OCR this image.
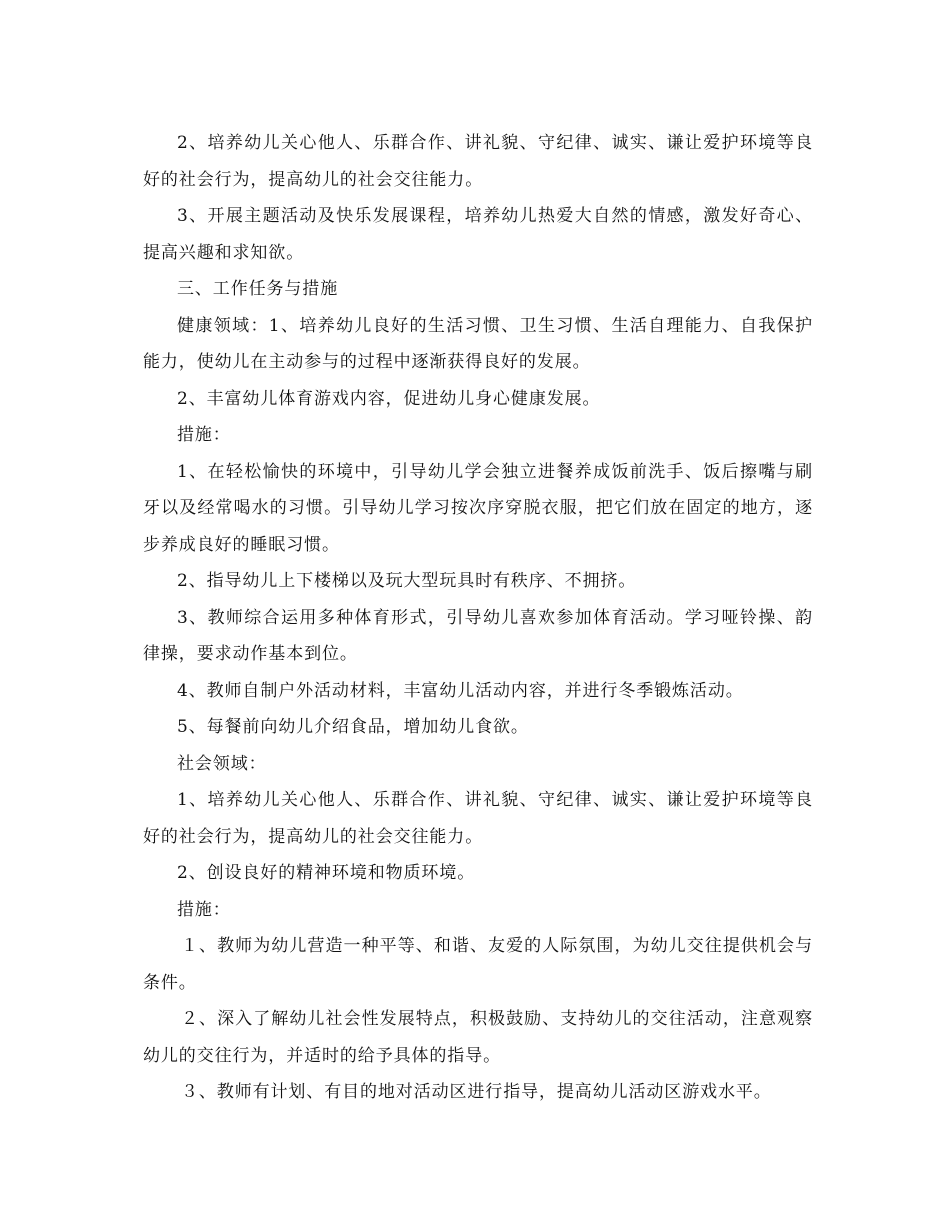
2、培养幼儿关心他人、乐群合作、讲礼貌、守纪律、诚实、谦让爱护环境等良好的社会行为，提高幼儿的社会交往能力。

3、开展主题活动及快乐发展课程，培养幼儿热爱大自然的情感，激发好奇心、提高兴趣和求知欲。

三、工作任务与措施

健康领域：1、培养幼儿良好的生活习惯、卫生习惯、生活自理能力、自我保护能力，使幼儿在主动参与的过程中逐渐获得良好的发展。

2、丰富幼儿体育游戏内容，促进幼儿身心健康发展。

措施：

1、在轻松愉快的环境中，引导幼儿学会独立进餐养成饭前洗手、饭后擦嘴与刷牙以及经常喝水的习惯。引导幼儿学习按次序穿脱衣服，把它们放在固定的地方，逐步养成良好的睡眠习惯。

2、指导幼儿上下楼梯以及玩大型玩具时有秩序、不拥挤。

3、教师综合运用多种体育形式，引导幼儿喜欢参加体育活动。学习哑铃操、韵律操，要求动作基本到位。

4、教师自制户外活动材料，丰富幼儿活动内容，并进行冬季锻炼活动。

5、每餐前向幼儿介绍食品，增加幼儿食欲。

社会领域：

1、培养幼儿关心他人、乐群合作、讲礼貌、守纪律、诚实、谦让爱护环境等良好的社会行为，提高幼儿的社会交往能力。

2、创设良好的精神环境和物质环境。

措施：

１、教师为幼儿营造一种平等、和谐、友爱的人际氛围，为幼儿交往提供机会与条件。

２、深入了解幼儿社会性发展特点，积极鼓励、支持幼儿的交往活动，注意观察幼儿的交往行为，并适时的给予具体的指导。

３、教师有计划、有目的地对活动区进行指导，提高幼儿活动区游戏水平。
